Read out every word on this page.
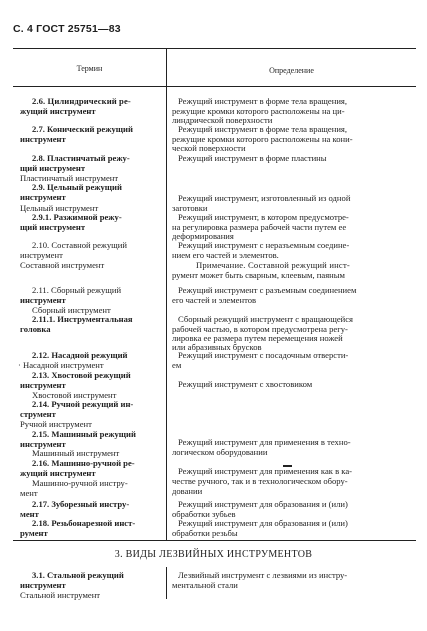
С. 4 ГОСТ 25751—83
Термин	Определение
2.6. Цилиндрический ре-
жущий инструмент
2.7. Конический режущий
инструмент
2.8. Пластинчатый режу-
щий инструмент
Пластинчатый инструмент
2.9. Цельный режущий
инструмент
Цельный инструмент
2.9.1. Разжимной режу-
щий инструмент
2.10. Составной режущий
инструмент
Составной инструмент
2.11. Сборный режущий
инструмент
Сборный инструмент
2.11.1. Инструментальная
головка
2.12. Насадной режущий
· Насадной инструмент
2.13. Хвостовой режущий
инструмент
Хвостовой инструмент
2.14. Ручной режущий ин-
струмент
Ручной инструмент
2.15. Машинный режущий
инструмент
Машинный инструмент
2.16. Машинно-ручной ре-
жущий инструмент
Машинно-ручной инстру-
мент
2.17. Зуборезный инстру-
мент
2.18. Резьбонарезной инст-
румент
Режущий инструмент в форме тела вращения,
режущие кромки которого расположены на ци-
линдрической поверхности
Режущий инструмент в форме тела вращения,
режущие кромки которого расположены на кони-
ческой поверхности
Режущий инструмент в форме пластины
Режущий инструмент, изготовленный из одной
заготовки
Режущий инструмент, в котором предусмотре-
на регулировка размера рабочей части путем ее
деформирования
Режущий инструмент с неразъемным соедине-
нием его частей и элементов.
Примечание. Составной режущий инст-
румент может быть сварным, клеевым, паяным
Режущий инструмент с разъемным соединением
его частей и элементов
Сборный режущий инструмент с вращающейся
рабочей частью, в котором предусмотрена регу-
лировка ее размера путем перемещения ножей
или абразивных брусков
Режущий инструмент с посадочным отверсти-
ем
Режущий инструмент с хвостовиком
Режущий инструмент для применения в техно-
логическом оборудовании
Режущий инструмент для применения как в ка-
честве ручного, так и в технологическом обору-
довании
Режущий инструмент для образования и (или)
обработки зубьев
Режущий инструмент для образования и (или)
обработки резьбы
3. ВИДЫ ЛЕЗВИЙНЫХ ИНСТРУМЕНТОВ
3.1. Стальной режущий
инструмент
Стальной инструмент
Лезвийный инструмент с лезвиями из инстру-
ментальной стали
